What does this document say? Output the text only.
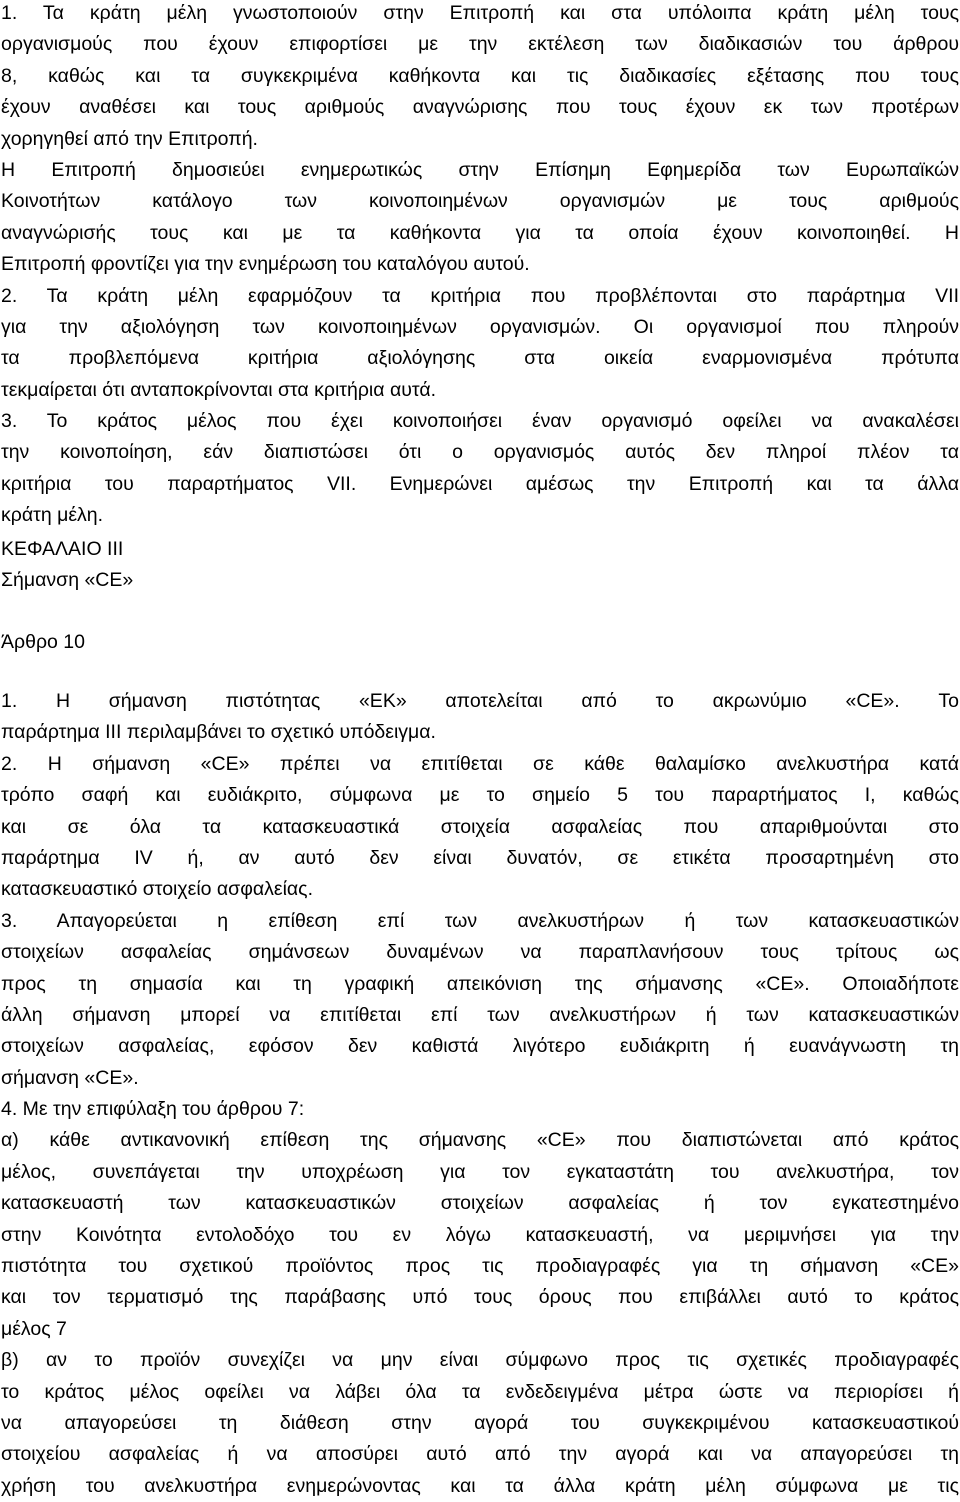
1. Τα κράτη μέλη γνωστοποιούν στην Επιτροπή και στα υπόλοιπα κράτη μέλη τους
οργανισμούς που έχουν επιφορτίσει με την εκτέλεση των διαδικασιών του άρθρου
8, καθώς και τα συγκεκριμένα καθήκοντα και τις διαδικασίες εξέτασης που τους
έχουν αναθέσει και τους αριθμούς αναγνώρισης που τους έχουν εκ των προτέρων
χορηγηθεί από την Επιτροπή.
Η Επιτροπή δημοσιεύει ενημερωτικώς στην Επίσημη Εφημερίδα των Ευρωπαϊκών
Κοινοτήτων κατάλογο των κοινοποιημένων οργανισμών με τους αριθμούς
αναγνώρισής τους και με τα καθήκοντα για τα οποία έχουν κοινοποιηθεί. Η
Επιτροπή φροντίζει για την ενημέρωση του καταλόγου αυτού.
2. Τα κράτη μέλη εφαρμόζουν τα κριτήρια που προβλέπονται στο παράρτημα VII
για την αξιολόγηση των κοινοποιημένων οργανισμών. Οι οργανισμοί που πληρούν
τα προβλεπόμενα κριτήρια αξιολόγησης στα οικεία εναρμονισμένα πρότυπα
τεκμαίρεται ότι ανταποκρίνονται στα κριτήρια αυτά.
3. Το κράτος μέλος που έχει κοινοποιήσει έναν οργανισμό οφείλει να ανακαλέσει
την κοινοποίηση, εάν διαπιστώσει ότι ο οργανισμός αυτός δεν πληροί πλέον τα
κριτήρια του παραρτήματος VII. Ενημερώνει αμέσως την Επιτροπή και τα άλλα
κράτη μέλη.
ΚΕΦΑΛΑΙΟ III
Σήμανση «CE»
Άρθρο 10
1. Η σήμανση πιστότητας «ΕΚ» αποτελείται από το ακρωνύμιο «CE». Το
παράρτημα III περιλαμβάνει το σχετικό υπόδειγμα.
2. Η σήμανση «CE» πρέπει να επιτίθεται σε κάθε θαλαμίσκο ανελκυστήρα κατά
τρόπο σαφή και ευδιάκριτο, σύμφωνα με το σημείο 5 του παραρτήματος Ι, καθώς
και σε όλα τα κατασκευαστικά στοιχεία ασφαλείας που απαριθμούνται στο
παράρτημα IV ή, αν αυτό δεν είναι δυνατόν, σε ετικέτα προσαρτημένη στο
κατασκευαστικό στοιχείο ασφαλείας.
3. Απαγορεύεται η επίθεση επί των ανελκυστήρων ή των κατασκευαστικών
στοιχείων ασφαλείας σημάνσεων δυναμένων να παραπλανήσουν τους τρίτους ως
προς τη σημασία και τη γραφική απεικόνιση της σήμανσης «CE». Οποιαδήποτε
άλλη σήμανση μπορεί να επιτίθεται επί των ανελκυστήρων ή των κατασκευαστικών
στοιχείων ασφαλείας, εφόσον δεν καθιστά λιγότερο ευδιάκριτη ή ευανάγνωστη τη
σήμανση «CE».
4. Με την επιφύλαξη του άρθρου 7:
α) κάθε αντικανονική επίθεση της σήμανσης «CE» που διαπιστώνεται από κράτος
μέλος, συνεπάγεται την υποχρέωση για τον εγκαταστάτη του ανελκυστήρα, τον
κατασκευαστή των κατασκευαστικών στοιχείων ασφαλείας ή τον εγκατεστημένο
στην Κοινότητα εντολοδόχο του εν λόγω κατασκευαστή, να μεριμνήσει για την
πιστότητα του σχετικού προϊόντος προς τις προδιαγραφές για τη σήμανση «CE»
και τον τερματισμό της παράβασης υπό τους όρους που επιβάλλει αυτό το κράτος
μέλος 7
β) αν το προϊόν συνεχίζει να μην είναι σύμφωνο προς τις σχετικές προδιαγραφές
το κράτος μέλος οφείλει να λάβει όλα τα ενδεδειγμένα μέτρα ώστε να περιορίσει ή
να απαγορεύσει τη διάθεση στην αγορά του συγκεκριμένου κατασκευαστικού
στοιχείου ασφαλείας ή να αποσύρει αυτό από την αγορά και να απαγορεύσει τη
χρήση του ανελκυστήρα ενημερώνοντας και τα άλλα κράτη μέλη σύμφωνα με τις
